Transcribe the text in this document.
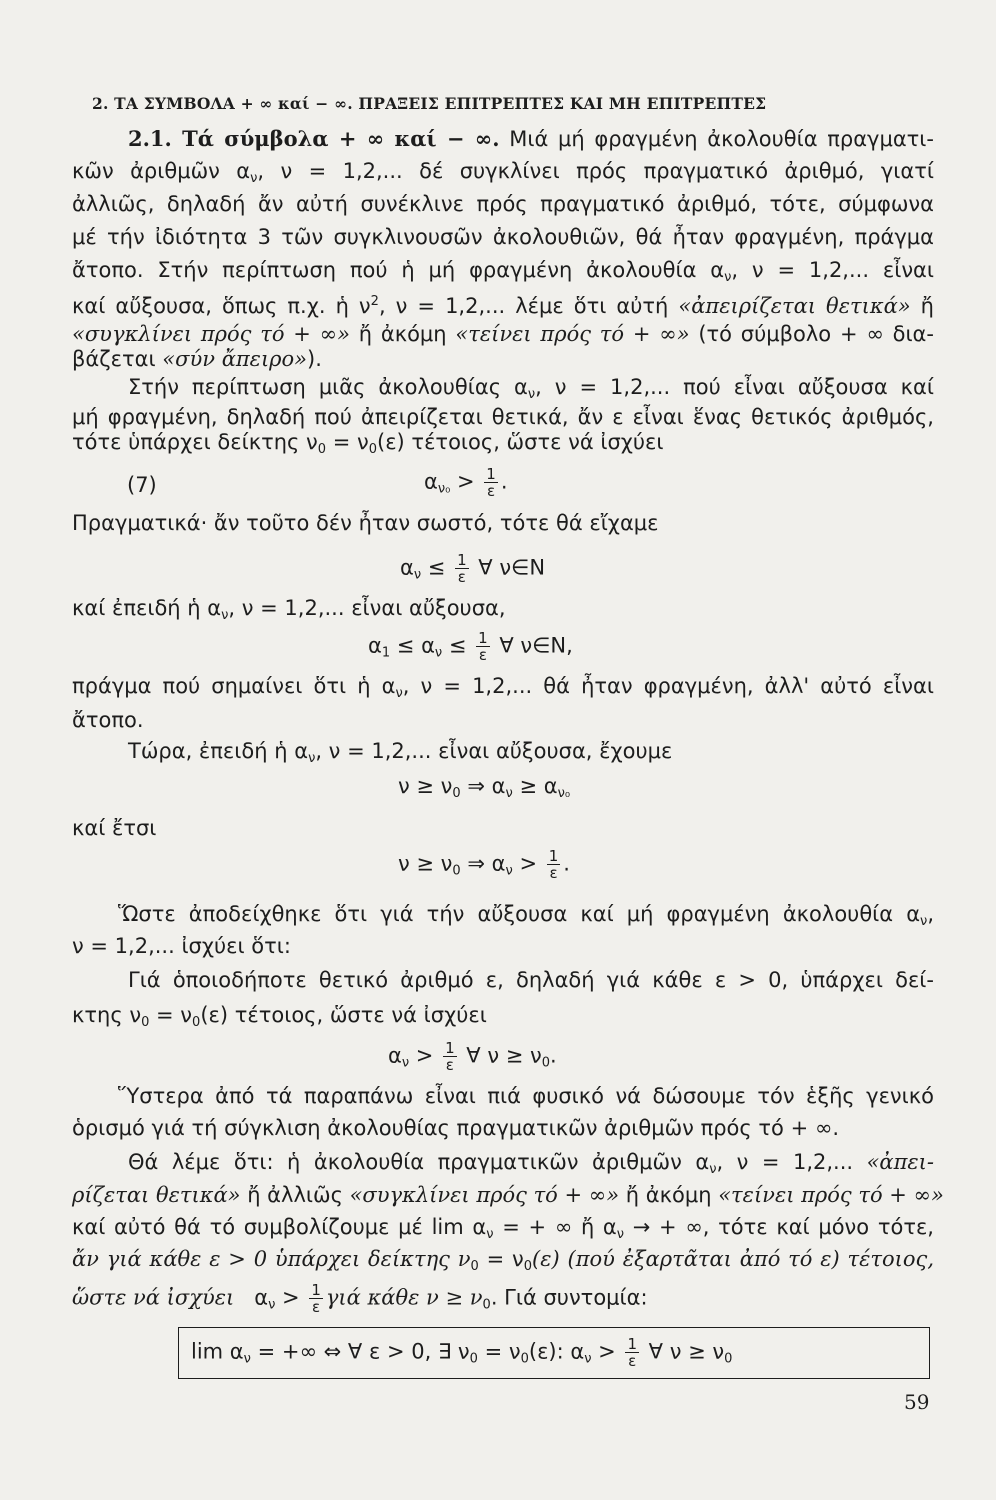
2. ΤΑ ΣΥΜΒΟΛΑ + ∞ καί − ∞. ΠΡΑΞΕΙΣ ΕΠΙΤΡΕΠΤΕΣ ΚΑΙ ΜΗ ΕΠΙΤΡΕΠΤΕΣ
2.1. Τά σύμβολα + ∞ καί − ∞. Μιά μή φραγμένη ἀκολουθία πραγματι-
κῶν ἀριθμῶν $\alpha_\nu$, ν = 1,2,... δέ συγκλίνει πρός πραγματικό ἀριθμό, γιατί
ἀλλιῶς, δηλαδή ἄν αὐτή συνέκλινε πρός πραγματικό ἀριθμό, τότε, σύμφωνα
μέ τήν ἰδιότητα 3 τῶν συγκλινουσῶν ἀκολουθιῶν, θά ἦταν φραγμένη, πράγμα
ἄτοπο. Στήν περίπτωση πού ἡ μή φραγμένη ἀκολουθία $\alpha_\nu$, ν = 1,2,... εἶναι
καί αὔξουσα, ὅπως π.χ. ἡ $\nu^2$, ν = 1,2,... λέμε ὅτι αὐτή «ἀπειρίζεται θετικά» ἤ
«συγκλίνει πρός τό + ∞» ἤ ἀκόμη «τείνει πρός τό + ∞» (τό σύμβολο + ∞ δια-
βάζεται «σύν ἄπειρο»).
Στήν περίπτωση μιᾶς ἀκολουθίας $\alpha_\nu$, ν = 1,2,... πού εἶναι αὔξουσα καί
μή φραγμένη, δηλαδή πού ἀπειρίζεται θετικά, ἄν ε εἶναι ἕνας θετικός ἀριθμός,
τότε ὑπάρχει δείκτης $\nu_0 = \nu_0(\varepsilon)$ τέτοιος, ὥστε νά ἰσχύει
(7)	$\alpha_{\nu_0} > \frac{1}{\varepsilon}$ .
Πραγματικά· ἄν τοῦτο δέν ἦταν σωστό, τότε θά εἴχαμε
$\alpha_\nu \le \frac{1}{\varepsilon}$ ∀ ν∈N
καί ἐπειδή ἡ $\alpha_\nu$, ν = 1,2,... εἶναι αὔξουσα,
$\alpha_1 \le \alpha_\nu \le \frac{1}{\varepsilon}$ ∀ ν∈N,
πράγμα πού σημαίνει ὅτι ἡ $\alpha_\nu$, ν = 1,2,... θά ἦταν φραγμένη, ἀλλ' αὐτό εἶναι
ἄτοπο.
Τώρα, ἐπειδή ἡ $\alpha_\nu$, ν = 1,2,... εἶναι αὔξουσα, ἔχουμε
$\nu \ge \nu_0$ ⇒ $\alpha_\nu \ge \alpha_{\nu_0}$
καί ἔτσι
$\nu \ge \nu_0$ ⇒ $\alpha_\nu > \frac{1}{\varepsilon}$ .
Ὥστε ἀποδείχθηκε ὅτι γιά τήν αὔξουσα καί μή φραγμένη ἀκολουθία $\alpha_\nu$,
ν = 1,2,... ἰσχύει ὅτι:
Γιά ὁποιοδήποτε θετικό ἀριθμό ε, δηλαδή γιά κάθε ε > 0, ὑπάρχει δεί-
κτης $\nu_0 = \nu_0(\varepsilon)$ τέτοιος, ὥστε νά ἰσχύει
$\alpha_\nu > \frac{1}{\varepsilon}$ ∀ $\nu \ge \nu_0$.
Ὕστερα ἀπό τά παραπάνω εἶναι πιά φυσικό νά δώσουμε τόν ἑξῆς γενικό
ὁρισμό γιά τή σύγκλιση ἀκολουθίας πραγματικῶν ἀριθμῶν πρός τό + ∞.
Θά λέμε ὅτι: ἡ ἀκολουθία πραγματικῶν ἀριθμῶν $\alpha_\nu$, ν = 1,2,... «ἀπει-
ρίζεται θετικά» ἤ ἀλλιῶς «συγκλίνει πρός τό + ∞» ἤ ἀκόμη «τείνει πρός τό + ∞»
καί αὐτό θά τό συμβολίζουμε μέ $\lim \alpha_\nu$ = + ∞ ἤ $\alpha_\nu$ → + ∞, τότε καί μόνο τότε,
ἄν γιά κάθε ε > 0 ὑπάρχει δείκτης $\nu_0 = \nu_0(\varepsilon)$ (πού ἐξαρτᾶται ἀπό τό ε) τέτοιος,
ὥστε νά ἰσχύει $\alpha_\nu > \frac{1}{\varepsilon}$ γιά κάθε $\nu \ge \nu_0$. Γιά συντομία:
$\lim \alpha_\nu$ = +∞ ⇔ ∀ ε > 0, ∃ $\nu_0 = \nu_0(\varepsilon)$: $\alpha_\nu > \frac{1}{\varepsilon}$ ∀ $\nu \ge \nu_0$
59
